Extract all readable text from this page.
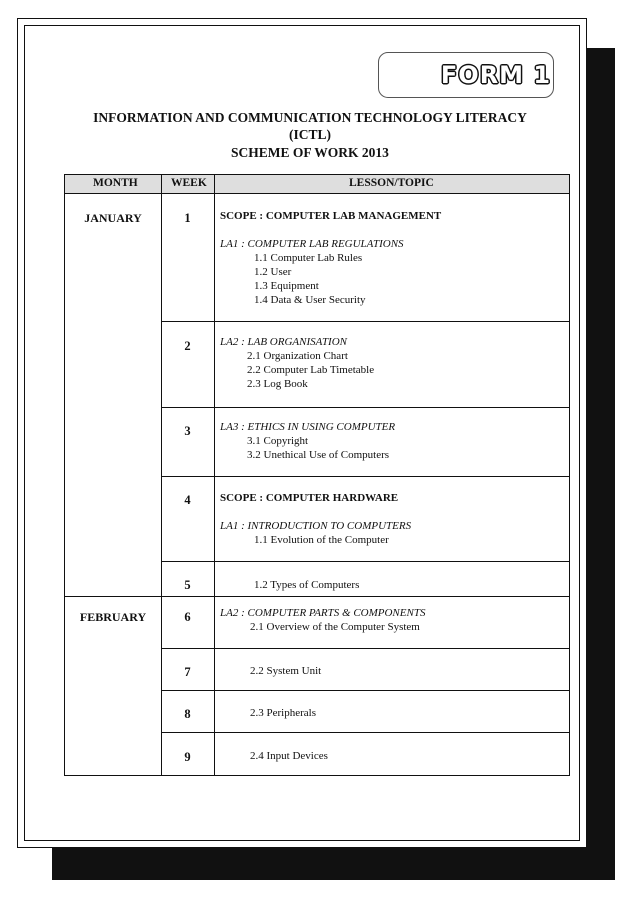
FORM 1
INFORMATION AND COMMUNICATION TECHNOLOGY LITERACY
(ICTL)
SCHEME OF WORK 2013
MONTH	WEEK	LESSON/TOPIC
JANUARY
FEBRUARY
1
2
3
4
5
6
7
8
9
SCOPE : COMPUTER LAB MANAGEMENT
LA1 : COMPUTER LAB REGULATIONS
1.1 Computer Lab Rules
1.2 User
1.3 Equipment
1.4 Data & User Security
LA2 : LAB ORGANISATION
2.1 Organization Chart
2.2 Computer Lab Timetable
2.3 Log Book
LA3 : ETHICS IN USING COMPUTER
3.1 Copyright
3.2 Unethical Use of Computers
SCOPE : COMPUTER HARDWARE
LA1 : INTRODUCTION TO COMPUTERS
1.1 Evolution of the Computer
1.2 Types of Computers
LA2 : COMPUTER PARTS & COMPONENTS
2.1 Overview of the Computer System
2.2 System Unit
2.3 Peripherals
2.4 Input Devices
